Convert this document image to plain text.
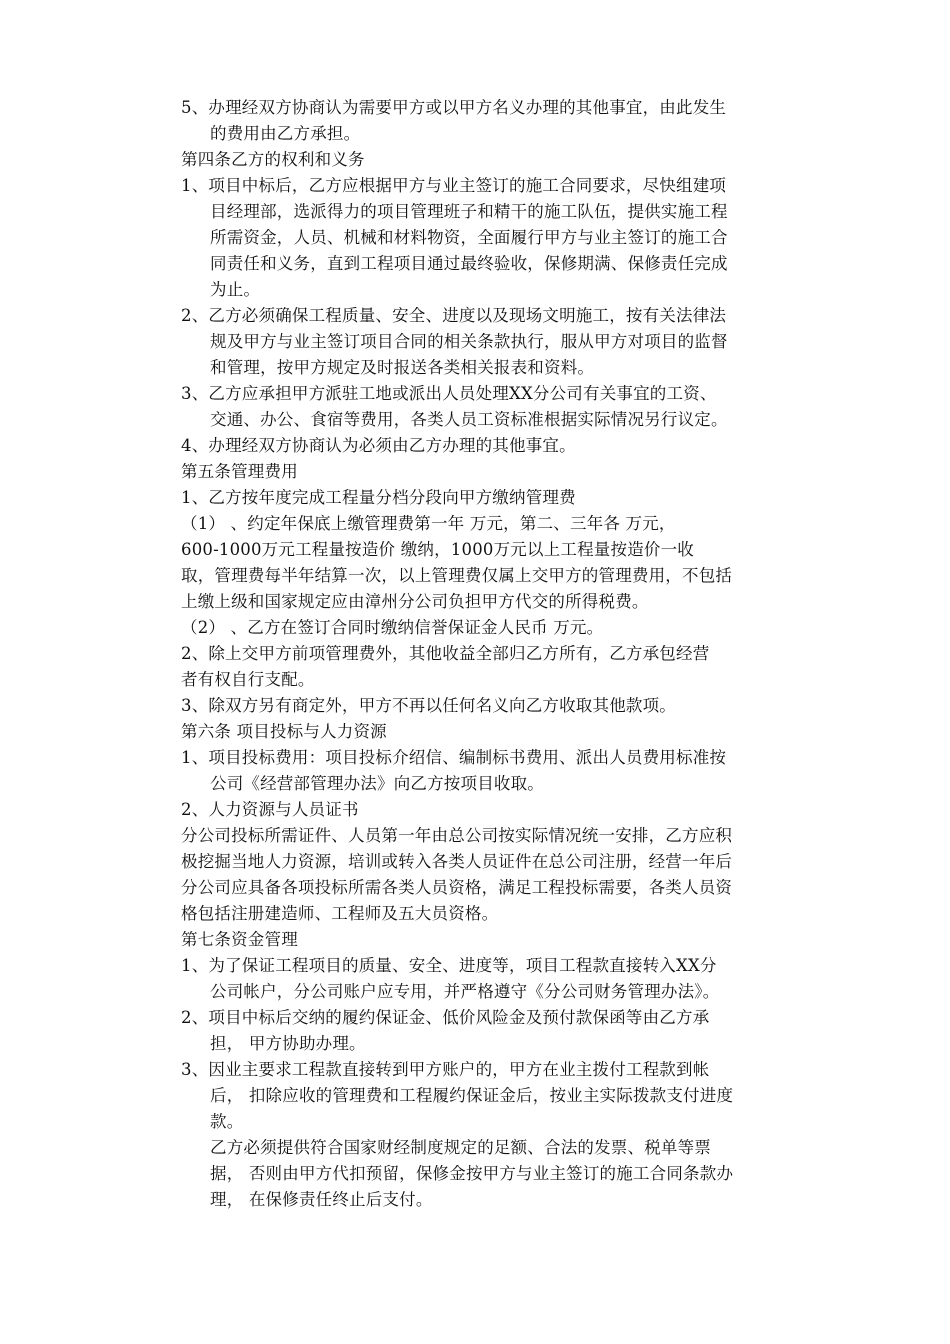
5、办理经双方协商认为需要甲方或以甲方名义办理的其他事宜，由此发生
的费用由乙方承担。
第四条乙方的权利和义务
1、项目中标后，乙方应根据甲方与业主签订的施工合同要求，尽快组建项
目经理部，选派得力的项目管理班子和精干的施工队伍，提供实施工程
所需资金，人员、机械和材料物资，全面履行甲方与业主签订的施工合
同责任和义务，直到工程项目通过最终验收，保修期满、保修责任完成
为止。
2、乙方必须确保工程质量、安全、进度以及现场文明施工，按有关法律法
规及甲方与业主签订项目合同的相关条款执行，服从甲方对项目的监督
和管理，按甲方规定及时报送各类相关报表和资料。
3、乙方应承担甲方派驻工地或派出人员处理XX分公司有关事宜的工资、
交通、办公、食宿等费用，各类人员工资标准根据实际情况另行议定。
4、办理经双方协商认为必须由乙方办理的其他事宜。
第五条管理费用
1、乙方按年度完成工程量分档分段向甲方缴纳管理费
（1） 、约定年保底上缴管理费第一年 万元，第二、三年各 万元，
600-1000万元工程量按造价 缴纳，1000万元以上工程量按造价一收
取，管理费每半年结算一次，以上管理费仅属上交甲方的管理费用，不包括
上缴上级和国家规定应由漳州分公司负担甲方代交的所得税费。
（2） 、乙方在签订合同时缴纳信誉保证金人民币 万元。
2、除上交甲方前项管理费外，其他收益全部归乙方所有，乙方承包经营
者有权自行支配。
3、除双方另有商定外，甲方不再以任何名义向乙方收取其他款项。
第六条 项目投标与人力资源
1、项目投标费用：项目投标介绍信、编制标书费用、派出人员费用标准按
公司《经营部管理办法》向乙方按项目收取。
2、人力资源与人员证书
分公司投标所需证件、人员第一年由总公司按实际情况统一安排，乙方应积
极挖掘当地人力资源，培训或转入各类人员证件在总公司注册，经营一年后
分公司应具备各项投标所需各类人员资格，满足工程投标需要，各类人员资
格包括注册建造师、工程师及五大员资格。
第七条资金管理
1、为了保证工程项目的质量、安全、进度等，项目工程款直接转入XX分
公司帐户，分公司账户应专用，并严格遵守《分公司财务管理办法》。
2、项目中标后交纳的履约保证金、低价风险金及预付款保函等由乙方承
担， 甲方协助办理。
3、因业主要求工程款直接转到甲方账户的，甲方在业主拨付工程款到帐
后， 扣除应收的管理费和工程履约保证金后，按业主实际拨款支付进度
款。
乙方必须提供符合国家财经制度规定的足额、合法的发票、税单等票
据， 否则由甲方代扣预留，保修金按甲方与业主签订的施工合同条款办
理， 在保修责任终止后支付。
